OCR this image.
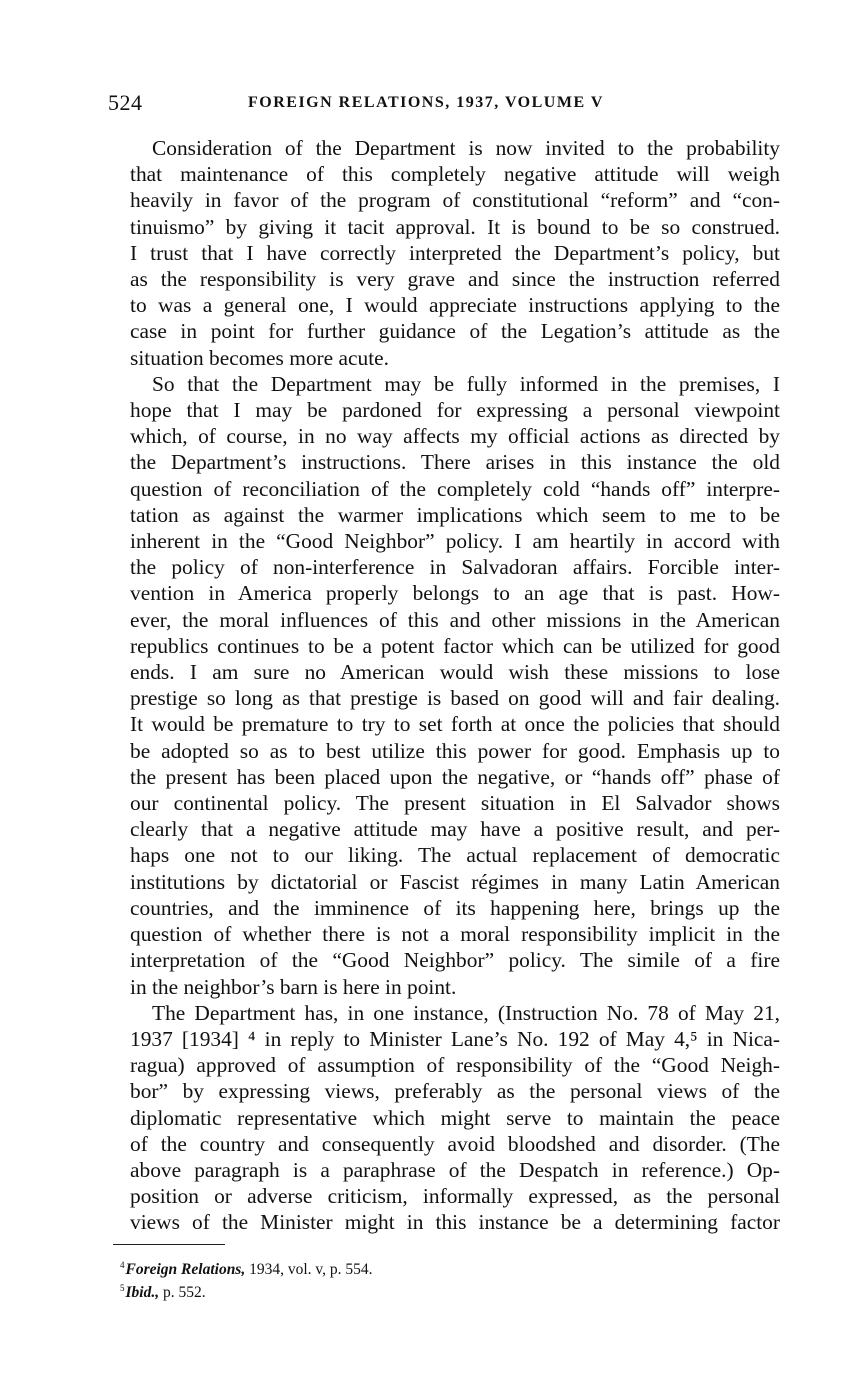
524	FOREIGN RELATIONS, 1937, VOLUME V

Consideration of the Department is now invited to the probability
that maintenance of this completely negative attitude will weigh
heavily in favor of the program of constitutional “reform” and “con-
tinuismo” by giving it tacit approval. It is bound to be so construed.
I trust that I have correctly interpreted the Department’s policy, but
as the responsibility is very grave and since the instruction referred
to was a general one, I would appreciate instructions applying to the
case in point for further guidance of the Legation’s attitude as the
situation becomes more acute.

So that the Department may be fully informed in the premises, I
hope that I may be pardoned for expressing a personal viewpoint
which, of course, in no way affects my official actions as directed by
the Department’s instructions. There arises in this instance the old
question of reconciliation of the completely cold “hands off” interpre-
tation as against the warmer implications which seem to me to be
inherent in the “Good Neighbor” policy. I am heartily in accord with
the policy of non-interference in Salvadoran affairs. Forcible inter-
vention in America properly belongs to an age that is past. How-
ever, the moral influences of this and other missions in the American
republics continues to be a potent factor which can be utilized for good
ends. I am sure no American would wish these missions to lose
prestige so long as that prestige is based on good will and fair dealing.
It would be premature to try to set forth at once the policies that should
be adopted so as to best utilize this power for good. Emphasis up to
the present has been placed upon the negative, or “hands off” phase of
our continental policy. The present situation in El Salvador shows
clearly that a negative attitude may have a positive result, and per-
haps one not to our liking. The actual replacement of democratic
institutions by dictatorial or Fascist régimes in many Latin American
countries, and the imminence of its happening here, brings up the
question of whether there is not a moral responsibility implicit in the
interpretation of the “Good Neighbor” policy. The simile of a fire
in the neighbor’s barn is here in point.

The Department has, in one instance, (Instruction No. 78 of May 21,
1937 [1934] ⁴ in reply to Minister Lane’s No. 192 of May 4,⁵ in Nica-
ragua) approved of assumption of responsibility of the “Good Neigh-
bor” by expressing views, preferably as the personal views of the
diplomatic representative which might serve to maintain the peace
of the country and consequently avoid bloodshed and disorder. (The
above paragraph is a paraphrase of the Despatch in reference.) Op-
position or adverse criticism, informally expressed, as the personal
views of the Minister might in this instance be a determining factor

$^4$Foreign Relations, 1934, vol. v, p. 554.
$^5$Ibid., p. 552.
